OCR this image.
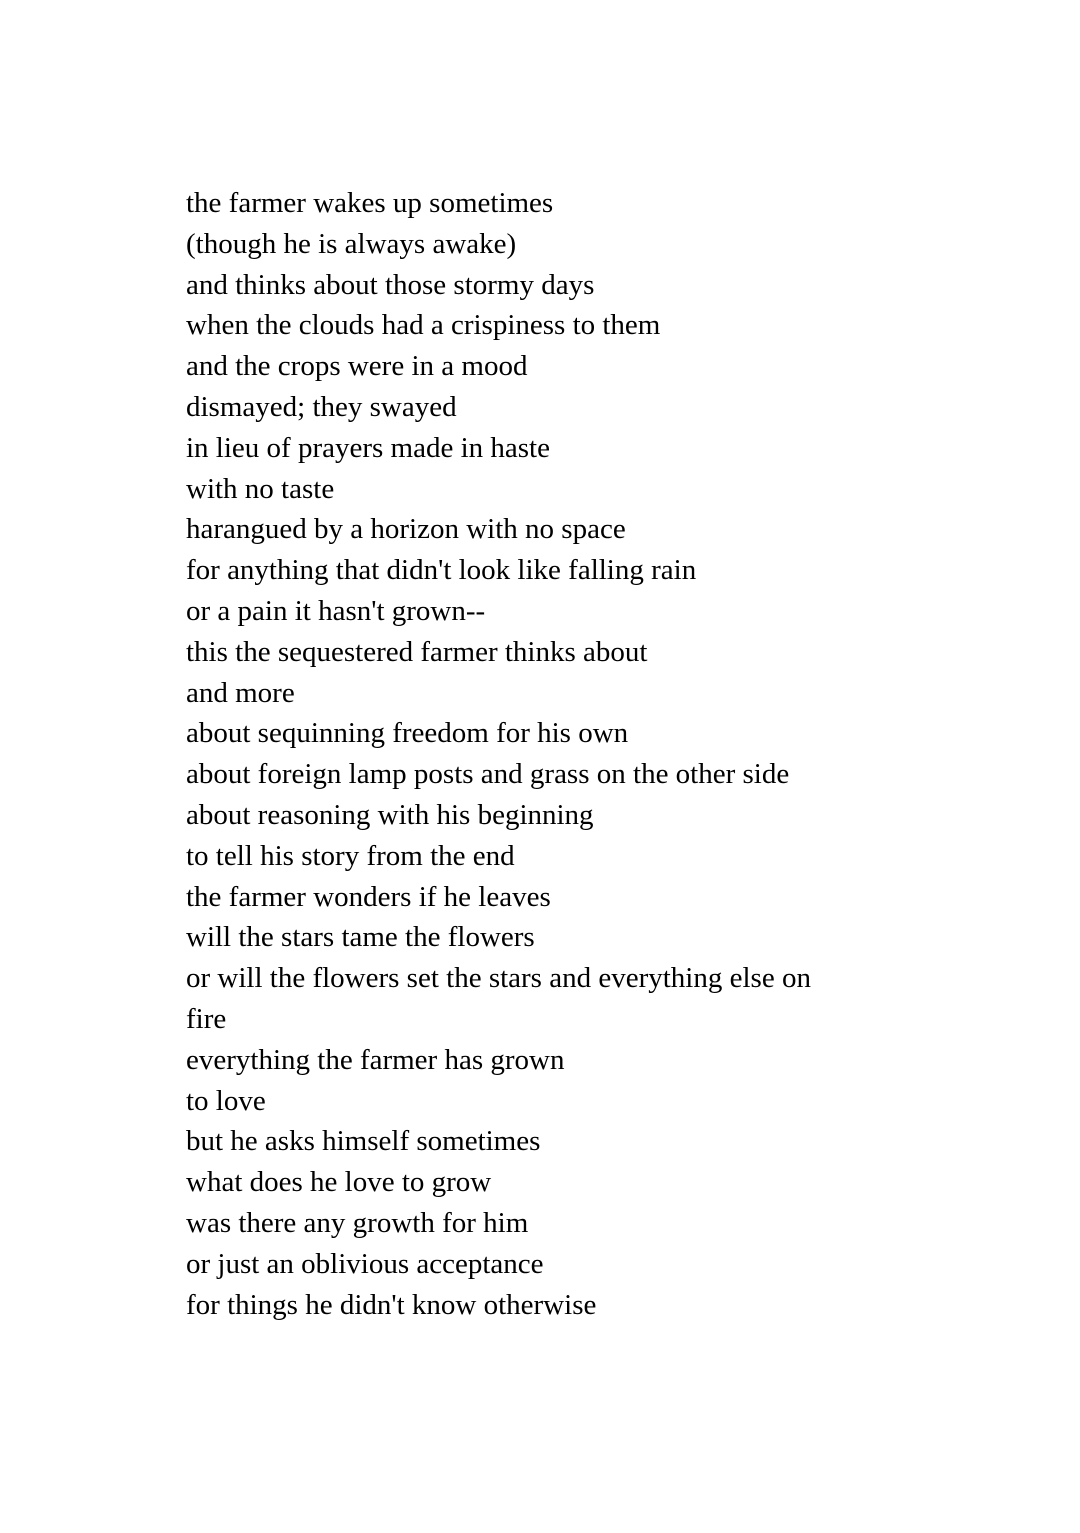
the farmer wakes up sometimes
(though he is always awake)
and thinks about those stormy days
when the clouds had a crispiness to them
and the crops were in a mood
dismayed; they swayed
in lieu of prayers made in haste
with no taste
harangued by a horizon with no space
for anything that didn't look like falling rain
or a pain it hasn't grown--
this the sequestered farmer thinks about
and more
about sequinning freedom for his own
about foreign lamp posts and grass on the other side
about reasoning with his beginning
to tell his story from the end
the farmer wonders if he leaves
will the stars tame the flowers
or will the flowers set the stars and everything else on
fire
everything the farmer has grown
to love
but he asks himself sometimes
what does he love to grow
was there any growth for him
or just an oblivious acceptance
for things he didn't know otherwise
